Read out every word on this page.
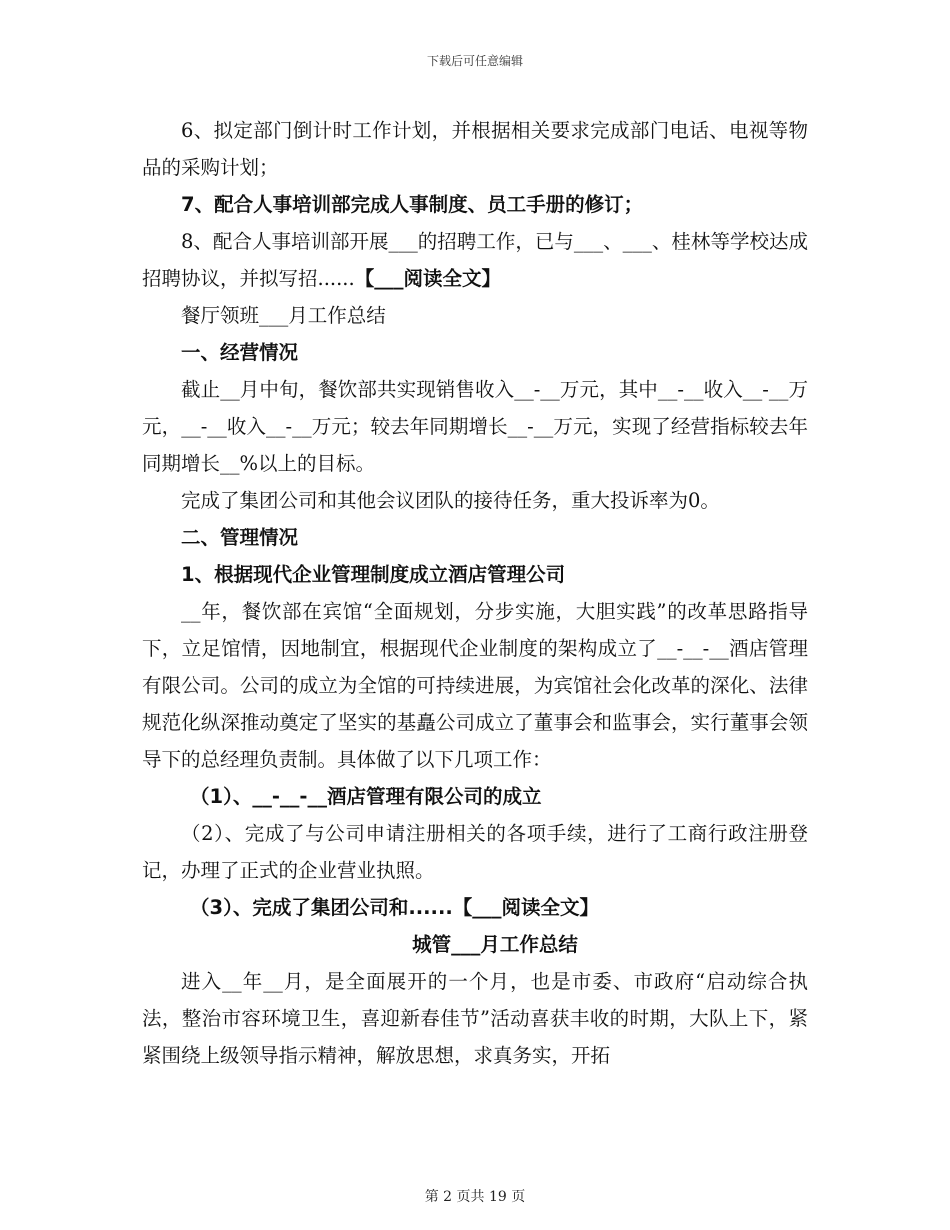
下载后可任意编辑

6、拟定部门倒计时工作计划，并根据相关要求完成部门电话、电视等物品的采购计划；

7、配合人事培训部完成人事制度、员工手册的修订；

8、配合人事培训部开展___的招聘工作，已与___、___、桂林等学校达成招聘协议，并拟写招......【___阅读全文】

餐厅领班___月工作总结

一、经营情况

截止__月中旬，餐饮部共实现销售收入__-__万元，其中__-__收入__-__万元，__-__收入__-__万元；较去年同期增长__-__万元，实现了经营指标较去年同期增长__%以上的目标。

完成了集团公司和其他会议团队的接待任务，重大投诉率为0。

二、管理情况

1、根据现代企业管理制度成立酒店管理公司

__年，餐饮部在宾馆“全面规划，分步实施，大胆实践”的改革思路指导下，立足馆情，因地制宜，根据现代企业制度的架构成立了__-__-__酒店管理有限公司。公司的成立为全馆的可持续进展，为宾馆社会化改革的深化、法律规范化纵深推动奠定了坚实的基矗公司成立了董事会和监事会，实行董事会领导下的总经理负责制。具体做了以下几项工作：

（1）、__-__-__酒店管理有限公司的成立

（2）、完成了与公司申请注册相关的各项手续，进行了工商行政注册登记，办理了正式的企业营业执照。

（3）、完成了集团公司和......【___阅读全文】

城管___月工作总结

进入__年__月，是全面展开的一个月，也是市委、市政府“启动综合执法，整治市容环境卫生，喜迎新春佳节”活动喜获丰收的时期，大队上下，紧紧围绕上级领导指示精神，解放思想，求真务实，开拓

第 2 页共 19 页
